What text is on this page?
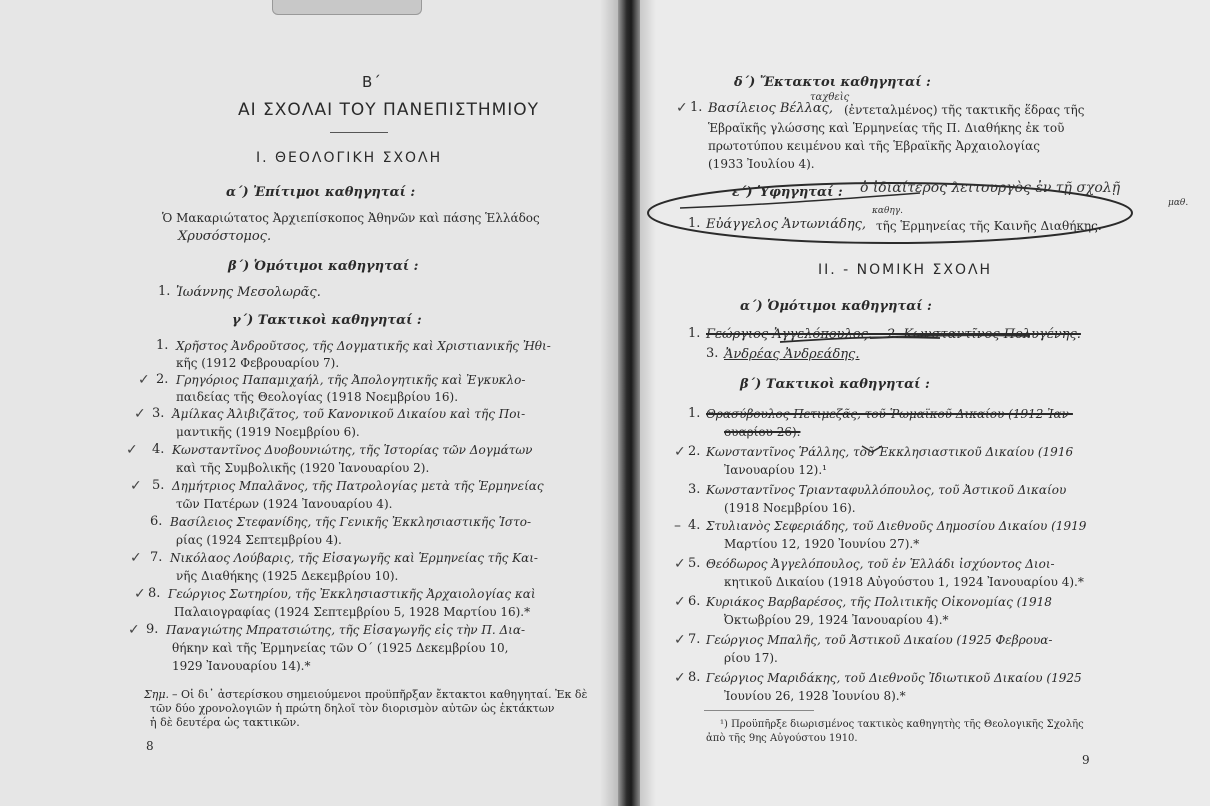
Β΄
ΑΙ ΣΧΟΛΑΙ ΤΟΥ ΠΑΝΕΠΙΣΤΗΜΙΟΥ
Ι. ΘΕΟΛΟΓΙΚΗ ΣΧΟΛΗ
α΄) Ἐπίτιμοι καθηγηταί :
Ὁ Μακαριώτατος Ἀρχιεπίσκοπος Ἀθηνῶν καὶ πάσης Ἑλλάδος
Χρυσόστομος.
β΄) Ὁμότιμοι καθηγηταί :
1. Ἰωάννης Μεσολωρᾶς.
γ΄) Τακτικοὶ καθηγηταί :
1. Χρῆστος Ἀνδροῦτσος, τῆς Δογματικῆς καὶ Χριστιανικῆς Ἠθι-
κῆς (1912 Φεβρουαρίου 7).
✓ 2. Γρηγόριος Παπαμιχαήλ, τῆς Ἀπολογητικῆς καὶ Ἐγκυκλο-
παιδείας τῆς Θεολογίας (1918 Νοεμβρίου 16).
✓ 3. Ἀμίλκας Ἀλιβιζᾶτος, τοῦ Κανονικοῦ Δικαίου καὶ τῆς Ποι-
μαντικῆς (1919 Νοεμβρίου 6).
✓ 4. Κωνσταντῖνος Δυοβουνιώτης, τῆς Ἱστορίας τῶν Δογμάτων
καὶ τῆς Συμβολικῆς (1920 Ἰανουαρίου 2).
✓ 5. Δημήτριος Μπαλᾶνος, τῆς Πατρολογίας μετὰ τῆς Ἑρμηνείας
τῶν Πατέρων (1924 Ἰανουαρίου 4).
6. Βασίλειος Στεφανίδης, τῆς Γενικῆς Ἐκκλησιαστικῆς Ἱστο-
ρίας (1924 Σεπτεμβρίου 4).
✓ 7. Νικόλαος Λούβαρις, τῆς Εἰσαγωγῆς καὶ Ἑρμηνείας τῆς Και-
νῆς Διαθήκης (1925 Δεκεμβρίου 10).
✓ 8. Γεώργιος Σωτηρίου, τῆς Ἐκκλησιαστικῆς Ἀρχαιολογίας καὶ
Παλαιογραφίας (1924 Σεπτεμβρίου 5, 1928 Μαρτίου 16).*
✓ 9. Παναγιώτης Μπρατσιώτης, τῆς Εἰσαγωγῆς εἰς τὴν Π. Δια-
θήκην καὶ τῆς Ἑρμηνείας τῶν Ο΄ (1925 Δεκεμβρίου 10,
1929 Ἰανουαρίου 14).*
Σημ. – Οἱ δι᾽ ἀστερίσκου σημειούμενοι προϋπῆρξαν ἔκτακτοι καθηγηταί. Ἐκ δὲ
τῶν δύο χρονολογιῶν ἡ πρώτη δηλοῖ τὸν διορισμὸν αὐτῶν ὡς ἐκτάκτων
ἡ δὲ δευτέρα ὡς τακτικῶν.
8
δ΄) Ἔκτακτοι καθηγηταί :
✓ 1. Βασίλειος Βέλλας,
ταχθεὶς
(ἐντεταλμένος) τῆς τακτικῆς ἕδρας τῆς
Ἑβραϊκῆς γλώσσης καὶ Ἑρμηνείας τῆς Π. Διαθήκης ἐκ τοῦ
πρωτοτύπου κειμένου καὶ τῆς Ἑβραϊκῆς Ἀρχαιολογίας
(1933 Ἰουλίου 4).
ε΄) Ὑφηγηταί : ὁ ἰδιαίτερος λειτουργὸς ἐν τῇ σχολῇ
μαθ.
1. Εὐάγγελος Ἀντωνιάδης,
καθηγ.
τῆς Ἑρμηνείας τῆς Καινῆς Διαθήκης.
ΙΙ. - ΝΟΜΙΚΗ ΣΧΟΛΗ
α΄) Ὁμότιμοι καθηγηταί :
1. Γεώργιος Ἀγγελόπουλος. – 2. Κωνσταντῖνος Πολυγένης.
3. Ἀνδρέας Ἀνδρεάδης.
β΄) Τακτικοὶ καθηγηταί :
1. Θρασύβουλος Πετιμεζᾶς, τοῦ Ῥωμαϊκοῦ Δικαίου (1912 Ἰαν-
ουαρίου 26).
✓ 2. Κωνσταντῖνος Ῥάλλης, τοῦ Ἐκκλησιαστικοῦ Δικαίου (1916
Ἰανουαρίου 12).¹
3. Κωνσταντῖνος Τριανταφυλλόπουλος, τοῦ Ἀστικοῦ Δικαίου
(1918 Νοεμβρίου 16).
– 4. Στυλιανὸς Σεφεριάδης, τοῦ Διεθνοῦς Δημοσίου Δικαίου (1919
Μαρτίου 12, 1920 Ἰουνίου 27).*
✓ 5. Θεόδωρος Ἀγγελόπουλος, τοῦ ἐν Ἑλλάδι ἰσχύοντος Διοι-
κητικοῦ Δικαίου (1918 Αὐγούστου 1, 1924 Ἰανουαρίου 4).*
✓ 6. Κυριάκος Βαρβαρέσος, τῆς Πολιτικῆς Οἰκονομίας (1918
Ὀκτωβρίου 29, 1924 Ἰανουαρίου 4).*
✓ 7. Γεώργιος Μπαλῆς, τοῦ Ἀστικοῦ Δικαίου (1925 Φεβρουα-
ρίου 17).
✓ 8. Γεώργιος Μαριδάκης, τοῦ Διεθνοῦς Ἰδιωτικοῦ Δικαίου (1925
Ἰουνίου 26, 1928 Ἰουνίου 8).*
¹) Προϋπῆρξε διωρισμένος τακτικὸς καθηγητὴς τῆς Θεολογικῆς Σχολῆς
ἀπὸ τῆς 9ης Αὐγούστου 1910.
9
